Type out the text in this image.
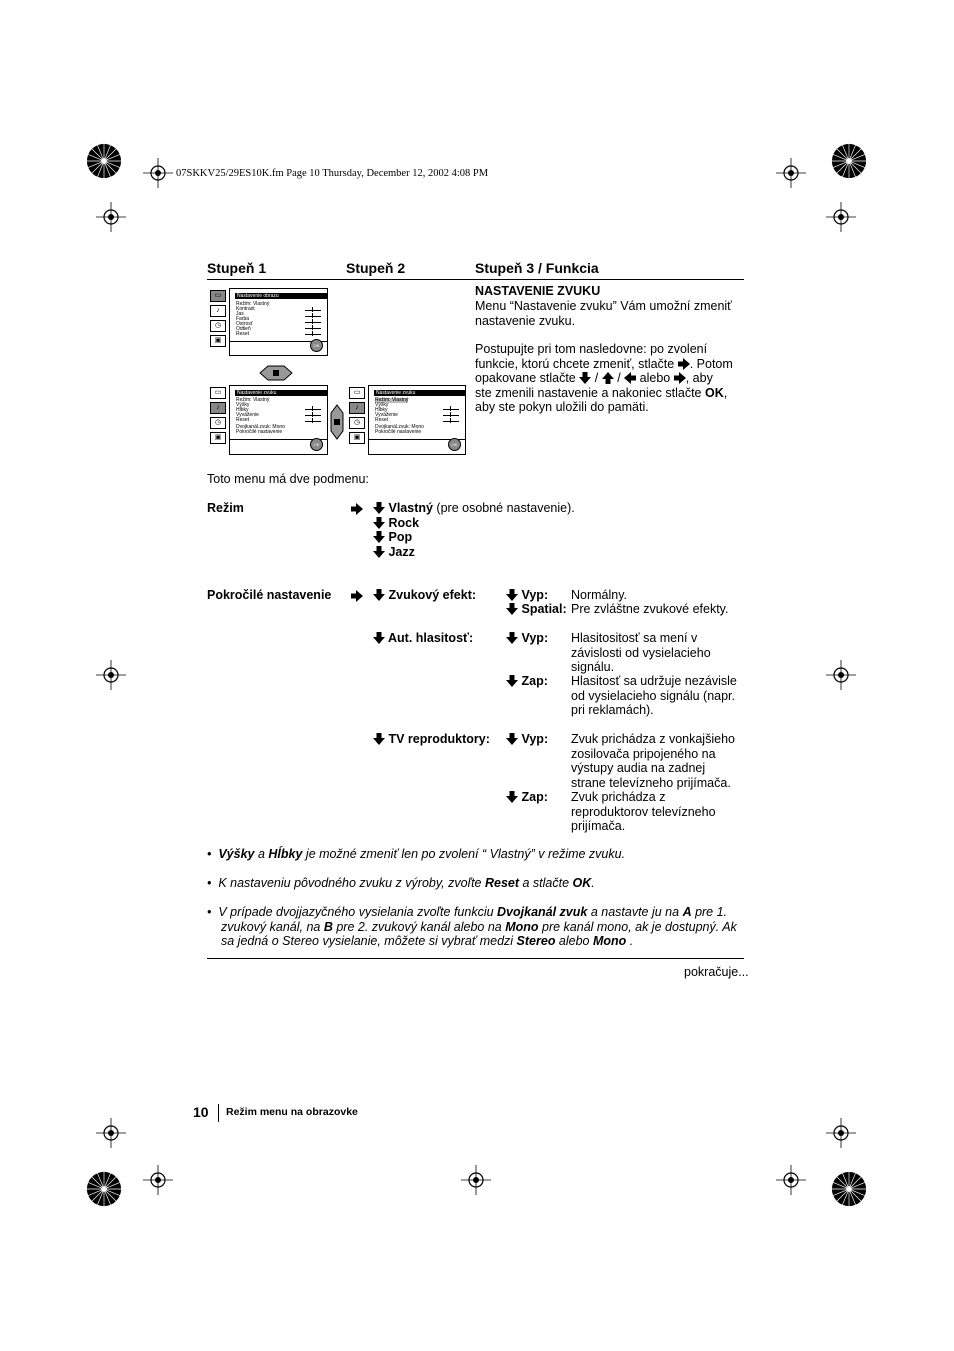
07SKKV25/29ES10K.fm Page 10 Thursday, December 12, 2002 4:08 PM
Stupeň 1	Stupeň 2	Stupeň 3 / Funkcia
NASTAVENIE ZVUKU
Menu “Nastavenie zvuku” Vám umožní zmeniť
nastavenie zvuku.
Postupujte pri tom nasledovne: po zvolení
funkcie, ktorú chcete zmeniť, stlačte . Potom
opakovane stlačte / / alebo , aby
ste zmenili nastavenie a nakoniec stlačte OK,
aby ste pokyn uložili do pamäti.
▭
♪
◷
▣
Nastavenie obrazu
Režim: Vlastný
Kontrast
Jas
Farba
Ostrosť
Odtieň
Reset
OK
▭
♪
◷
▣
Nastavenie zvuku
Režim: Vlastný
Výšky
Hĺbky
Vyváženie
Reset
Dvojkanál.zvuk: Mono
Pokročilé nastavenie
OK
▭
♪
◷
▣
Nastavenie zvuku
Režim: Vlastný
Výšky
Hĺbky
Vyváženie
Reset
Dvojkanál.zvuk: Mono
Pokročilé nastavenie
OK
Toto menu má dve podmenu:
Režim	Vlastný (pre osobné nastavenie).
Rock
Pop
Jazz
Pokročilé nastavenie	Zvukový efekt:	Vyp: Normálny.
Spatial: Pre zvláštne zvukové efekty.
Aut. hlasitosť:	Vyp: Hlasitositosť sa mení v
závislosti od vysielacieho
signálu.
Zap: Hlasitosť sa udržuje nezávisle
od vysielacieho signálu (napr.
pri reklamách).
TV reproduktory:	Vyp: Zvuk prichádza z vonkajšieho
zosilovača pripojeného na
výstupy audia na zadnej
strane televízneho prijímača.
Zap: Zvuk prichádza z
reproduktorov televízneho
prijímača.
• Výšky a Hĺbky je možné zmeniť len po zvolení “ Vlastný” v režime zvuku.
• K nastaveniu pôvodného zvuku z výroby, zvoľte Reset a stlačte OK.
• V prípade dvojjazyčného vysielania zvoľte funkciu Dvojkanál zvuk a nastavte ju na A pre 1.
zvukový kanál, na B pre 2. zvukový kanál alebo na Mono pre kanál mono, ak je dostupný. Ak
sa jedná o Stereo vysielanie, môžete si vybrať medzi Stereo alebo Mono .
pokračuje...
10 Režim menu na obrazovke
